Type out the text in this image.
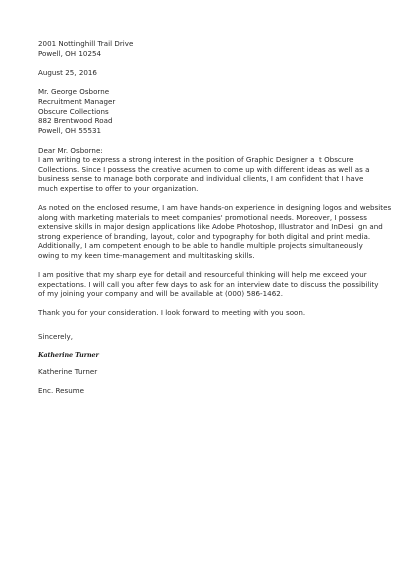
2001 Nottinghill Trail Drive
Powell, OH 10254
August 25, 2016
Mr. George Osborne
Recruitment Manager
Obscure Collections
882 Brentwood Road
Powell, OH 55531
Dear Mr. Osborne:
I am writing to express a strong interest in the position of Graphic Designer a  t Obscure
Collections. Since I possess the creative acumen to come up with different ideas as well as a
business sense to manage both corporate and individual clients, I am confident that I have
much expertise to offer to your organization.
As noted on the enclosed resume, I am have hands-on experience in designing logos and websites
along with marketing materials to meet companies' promotional needs. Moreover, I possess
extensive skills in major design applications like Adobe Photoshop, Illustrator and InDesi  gn and
strong experience of branding, layout, color and typography for both digital and print media.
Additionally, I am competent enough to be able to handle multiple projects simultaneously
owing to my keen time-management and multitasking skills.
I am positive that my sharp eye for detail and resourceful thinking will help me exceed your
expectations. I will call you after few days to ask for an interview date to discuss the possibility
of my joining your company and will be available at (000) 586-1462.
Thank you for your consideration. I look forward to meeting with you soon.
Sincerely,
Katherine Turner
Katherine Turner
Enc. Resume
